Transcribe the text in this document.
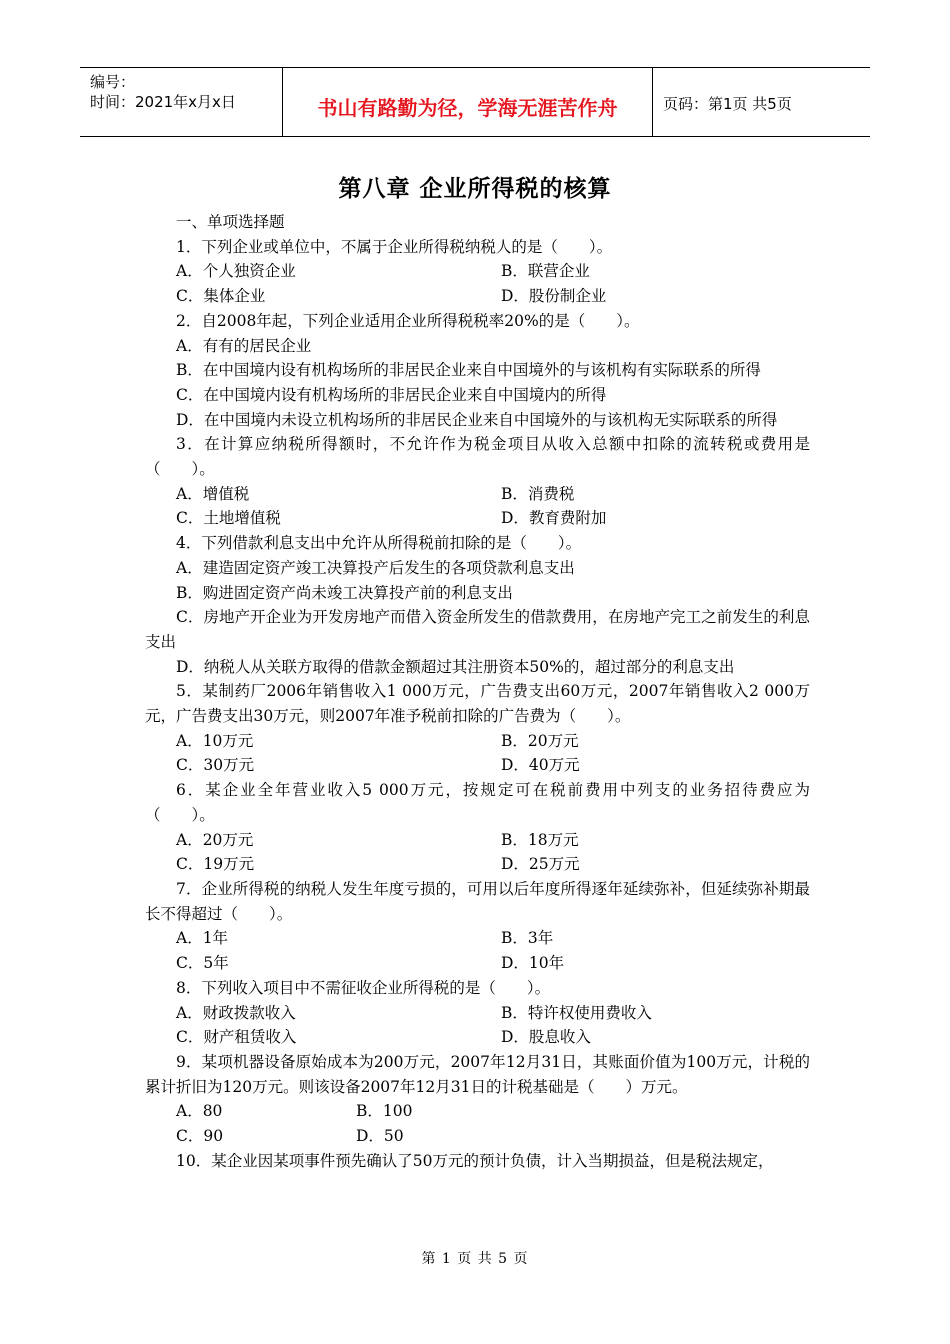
编号：
时间：2021年x月x日	书山有路勤为径，学海无涯苦作舟	页码：第1页 共5页
第八章 企业所得税的核算

一、单项选择题

1．下列企业或单位中，不属于企业所得税纳税人的是（　　）。

A．个人独资企业	B．联营企业
C．集体企业	D．股份制企业

2．自2008年起，下列企业适用企业所得税税率20%的是（　　）。

A．有有的居民企业

B．在中国境内设有机构场所的非居民企业来自中国境外的与该机构有实际联系的所得

C．在中国境内设有机构场所的非居民企业来自中国境内的所得

D．在中国境内未设立机构场所的非居民企业来自中国境外的与该机构无实际联系的所得

3．在计算应纳税所得额时，不允许作为税金项目从收入总额中扣除的流转税或费用是（　　）。

A．增值税	B．消费税
C．土地增值税	D．教育费附加

4．下列借款利息支出中允许从所得税前扣除的是（　　）。

A．建造固定资产竣工决算投产后发生的各项贷款利息支出

B．购进固定资产尚未竣工决算投产前的利息支出

C．房地产开企业为开发房地产而借入资金所发生的借款费用，在房地产完工之前发生的利息支出

D．纳税人从关联方取得的借款金额超过其注册资本50%的，超过部分的利息支出

5．某制药厂2006年销售收入1 000万元，广告费支出60万元，2007年销售收入2 000万元，广告费支出30万元，则2007年准予税前扣除的广告费为（　　）。

A．10万元	B．20万元
C．30万元	D．40万元

6．某企业全年营业收入5 000万元，按规定可在税前费用中列支的业务招待费应为（　　）。

A．20万元	B．18万元
C．19万元	D．25万元

7．企业所得税的纳税人发生年度亏损的，可用以后年度所得逐年延续弥补，但延续弥补期最长不得超过（　　）。

A．1年	B．3年
C．5年	D．10年

8．下列收入项目中不需征收企业所得税的是（　　）。

A．财政拨款收入	B．特许权使用费收入
C．财产租赁收入	D．股息收入

9．某项机器设备原始成本为200万元，2007年12月31日，其账面价值为100万元，计税的累计折旧为120万元。则该设备2007年12月31日的计税基础是（　　）万元。

A．80	B．100
C．90	D．50

10．某企业因某项事件预先确认了50万元的预计负债，计入当期损益，但是税法规定，

第 1 页 共 5 页
